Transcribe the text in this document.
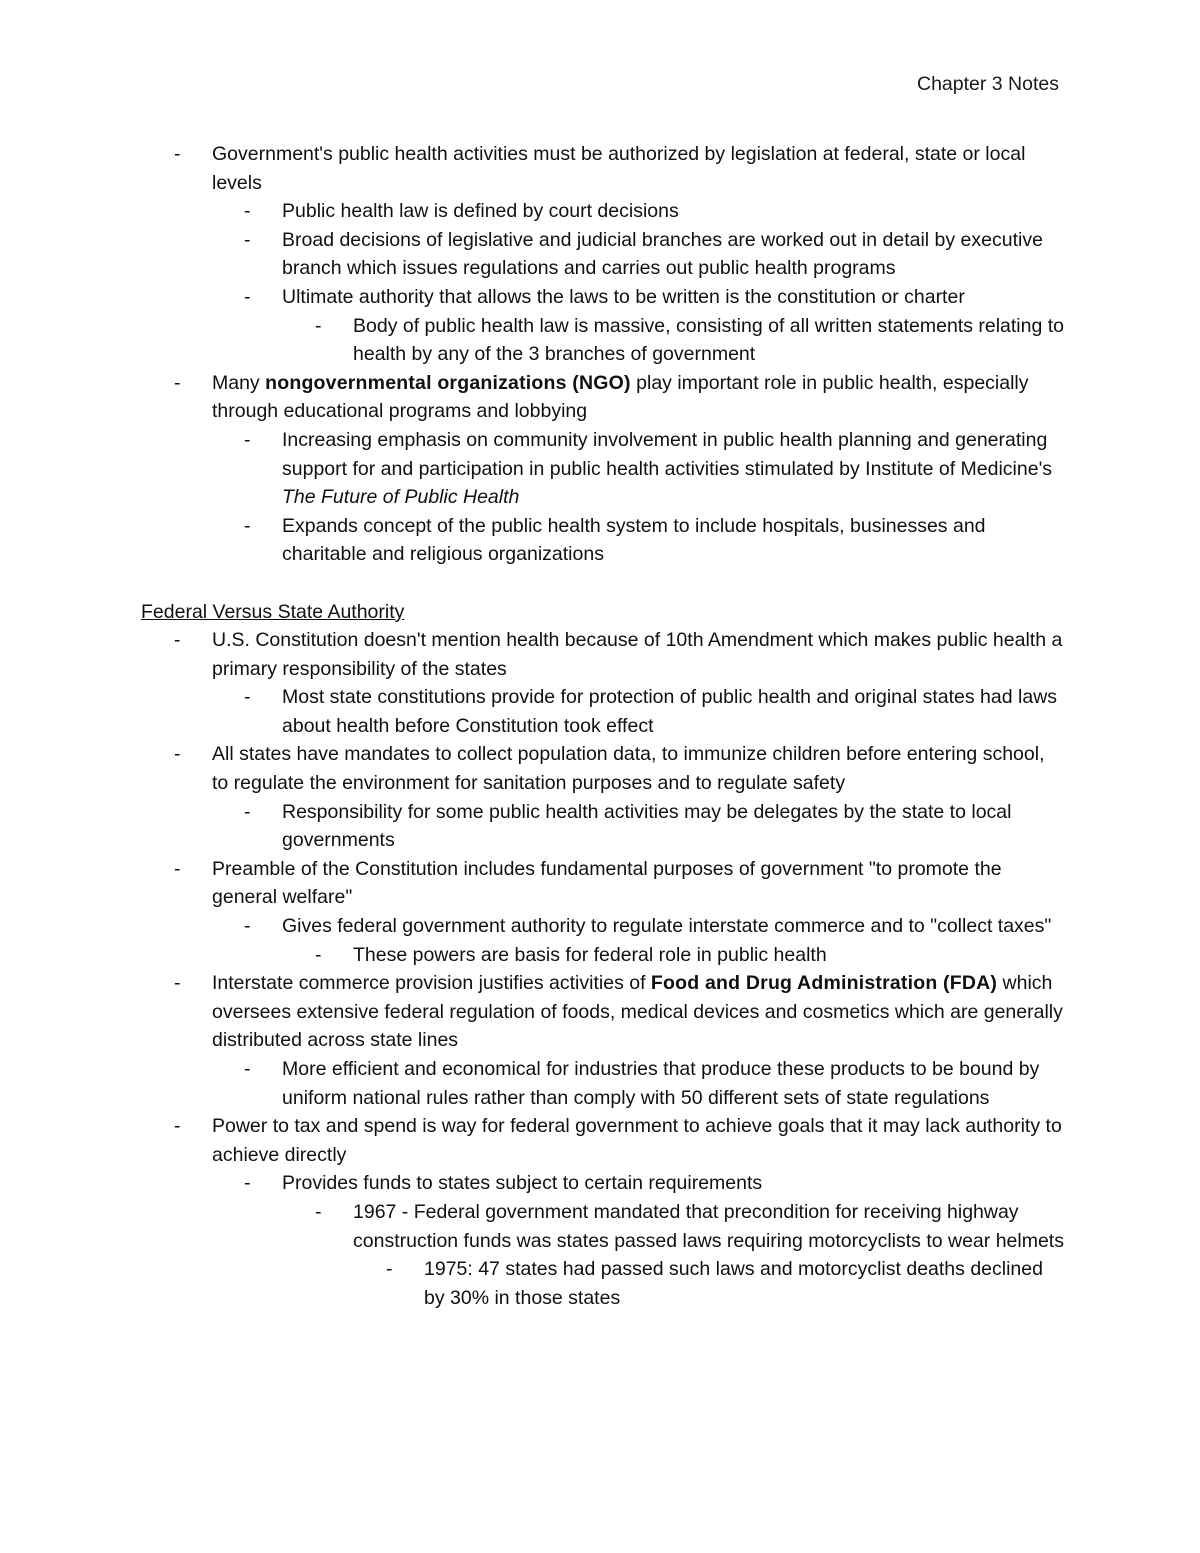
Chapter 3 Notes

- Government's public health activities must be authorized by legislation at federal, state or local levels

- Public health law is defined by court decisions

- Broad decisions of legislative and judicial branches are worked out in detail by executive branch which issues regulations and carries out public health programs

- Ultimate authority that allows the laws to be written is the constitution or charter

- Body of public health law is massive, consisting of all written statements relating to health by any of the 3 branches of government

- Many nongovernmental organizations (NGO) play important role in public health, especially through educational programs and lobbying

- Increasing emphasis on community involvement in public health planning and generating support for and participation in public health activities stimulated by Institute of Medicine's The Future of Public Health

- Expands concept of the public health system to include hospitals, businesses and charitable and religious organizations

Federal Versus State Authority

- U.S. Constitution doesn't mention health because of 10th Amendment which makes public health a primary responsibility of the states

- Most state constitutions provide for protection of public health and original states had laws about health before Constitution took effect

- All states have mandates to collect population data, to immunize children before entering school, to regulate the environment for sanitation purposes and to regulate safety

- Responsibility for some public health activities may be delegates by the state to local governments

- Preamble of the Constitution includes fundamental purposes of government "to promote the general welfare"

- Gives federal government authority to regulate interstate commerce and to "collect taxes"

- These powers are basis for federal role in public health

- Interstate commerce provision justifies activities of Food and Drug Administration (FDA) which oversees extensive federal regulation of foods, medical devices and cosmetics which are generally distributed across state lines

- More efficient and economical for industries that produce these products to be bound by uniform national rules rather than comply with 50 different sets of state regulations

- Power to tax and spend is way for federal government to achieve goals that it may lack authority to achieve directly

- Provides funds to states subject to certain requirements

- 1967 - Federal government mandated that precondition for receiving highway construction funds was states passed laws requiring motorcyclists to wear helmets

- 1975: 47 states had passed such laws and motorcyclist deaths declined by 30% in those states
